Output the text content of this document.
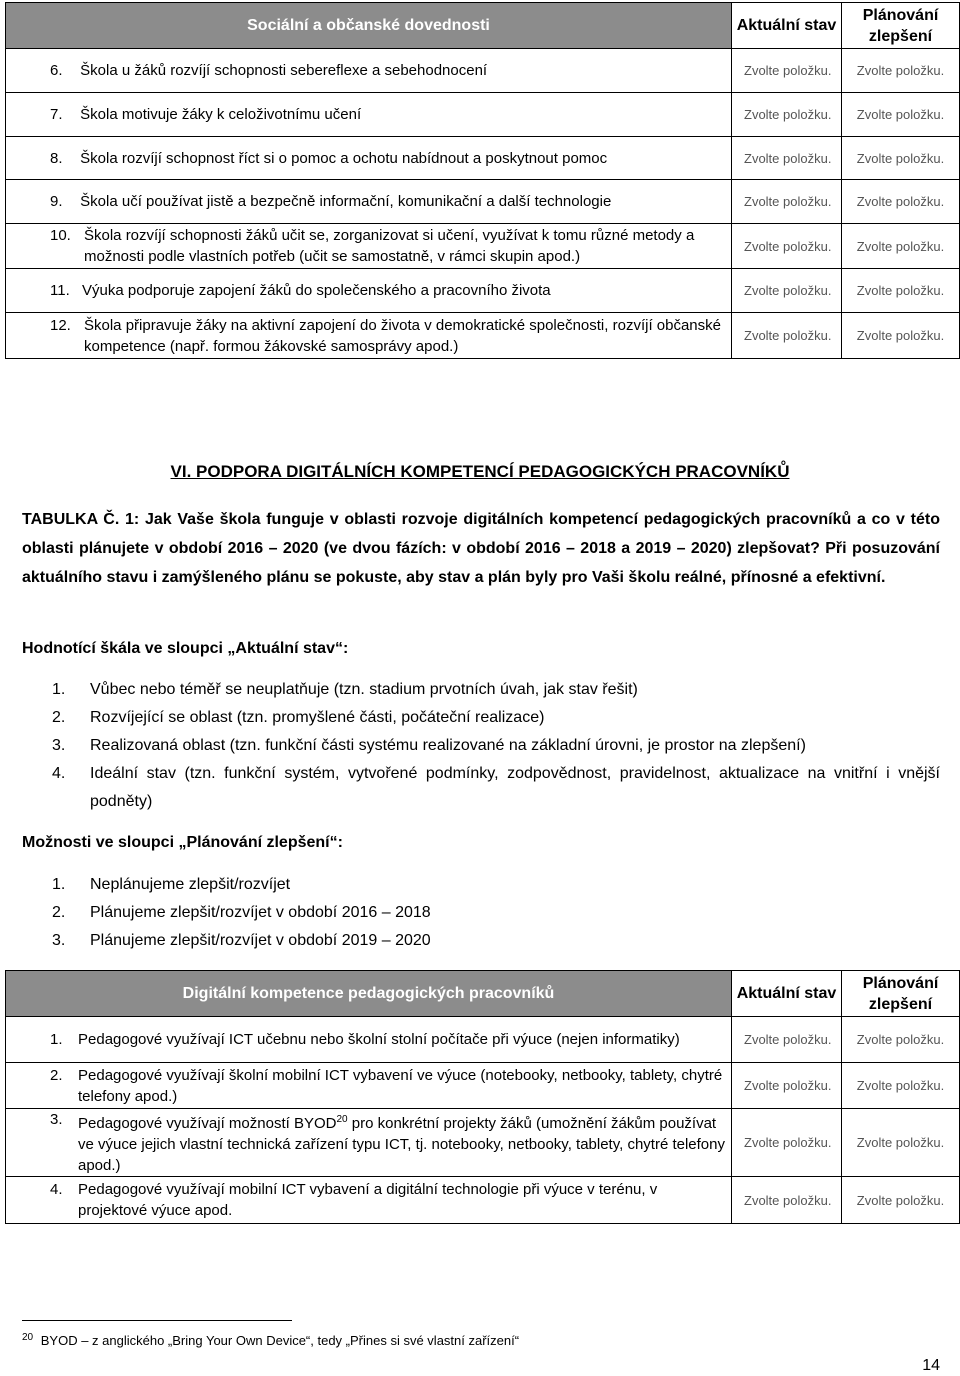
Sociální a občanské dovednosti	Aktuální stav	Plánování zlepšení
6. Škola u žáků rozvíjí schopnosti sebereflexe a sebehodnocení	Zvolte položku.	Zvolte položku.
7. Škola motivuje žáky k celoživotnímu učení	Zvolte položku.	Zvolte položku.
8. Škola rozvíjí schopnost říct si o pomoc a ochotu nabídnout a poskytnout pomoc	Zvolte položku.	Zvolte položku.
9. Škola učí používat jistě a bezpečně informační, komunikační a další technologie	Zvolte položku.	Zvolte položku.

10. Škola rozvíjí schopnosti žáků učit se, zorganizovat si učení, využívat k tomu různé metody a možnosti podle vlastních potřeb (učit se samostatně, v rámci skupin apod.)	Zvolte položku.	Zvolte položku.
11. Výuka podporuje zapojení žáků do společenského a pracovního života	Zvolte položku.	Zvolte položku.

12. Škola připravuje žáky na aktivní zapojení do života v demokratické společnosti, rozvíjí občanské kompetence (např. formou žákovské samosprávy apod.)	Zvolte položku.	Zvolte položku.
VI. PODPORA DIGITÁLNÍCH KOMPETENCÍ PEDAGOGICKÝCH PRACOVNÍKŮ
TABULKA Č. 1: Jak Vaše škola funguje v oblasti rozvoje digitálních kompetencí pedagogických pracovníků a co v této oblasti plánujete v období 2016 – 2020 (ve dvou fázích: v období 2016 – 2018 a 2019 – 2020) zlepšovat? Při posuzování aktuálního stavu i zamýšleného plánu se pokuste, aby stav a plán byly pro Vaši školu reálné, přínosné a efektivní.
Hodnotící škála ve sloupci „Aktuální stav“:
1.	Vůbec nebo téměř se neuplatňuje (tzn. stadium prvotních úvah, jak stav řešit)
2.	Rozvíjející se oblast (tzn. promyšlené části, počáteční realizace)
3.	Realizovaná oblast (tzn. funkční části systému realizované na základní úrovni, je prostor na zlepšení)
4.	Ideální stav (tzn. funkční systém, vytvořené podmínky, zodpovědnost, pravidelnost, aktualizace na vnitřní i vnější podněty)
Možnosti ve sloupci „Plánování zlepšení“:
1.	Neplánujeme zlepšit/rozvíjet
2.	Plánujeme zlepšit/rozvíjet v období 2016 – 2018
3.	Plánujeme zlepšit/rozvíjet v období 2019 – 2020
Digitální kompetence pedagogických pracovníků	Aktuální stav	Plánování zlepšení

1. Pedagogové využívají ICT učebnu nebo školní stolní počítače při výuce (nejen informatiky)	Zvolte položku.	Zvolte položku.

2. Pedagogové využívají školní mobilní ICT vybavení ve výuce (notebooky, netbooky, tablety, chytré telefony apod.)	Zvolte položku.	Zvolte položku.

3. Pedagogové využívají možností BYOD$^{20}$ pro konkrétní projekty žáků (umožnění žákům používat ve výuce jejich vlastní technická zařízení typu ICT, tj. notebooky, netbooky, tablety, chytré telefony apod.)	Zvolte položku.	Zvolte položku.

4. Pedagogové využívají mobilní ICT vybavení a digitální technologie při výuce v terénu, v projektové výuce apod.	Zvolte položku.	Zvolte položku.
$^{20}$ BYOD – z anglického „Bring Your Own Device“, tedy „Přines si své vlastní zařízení“
14
